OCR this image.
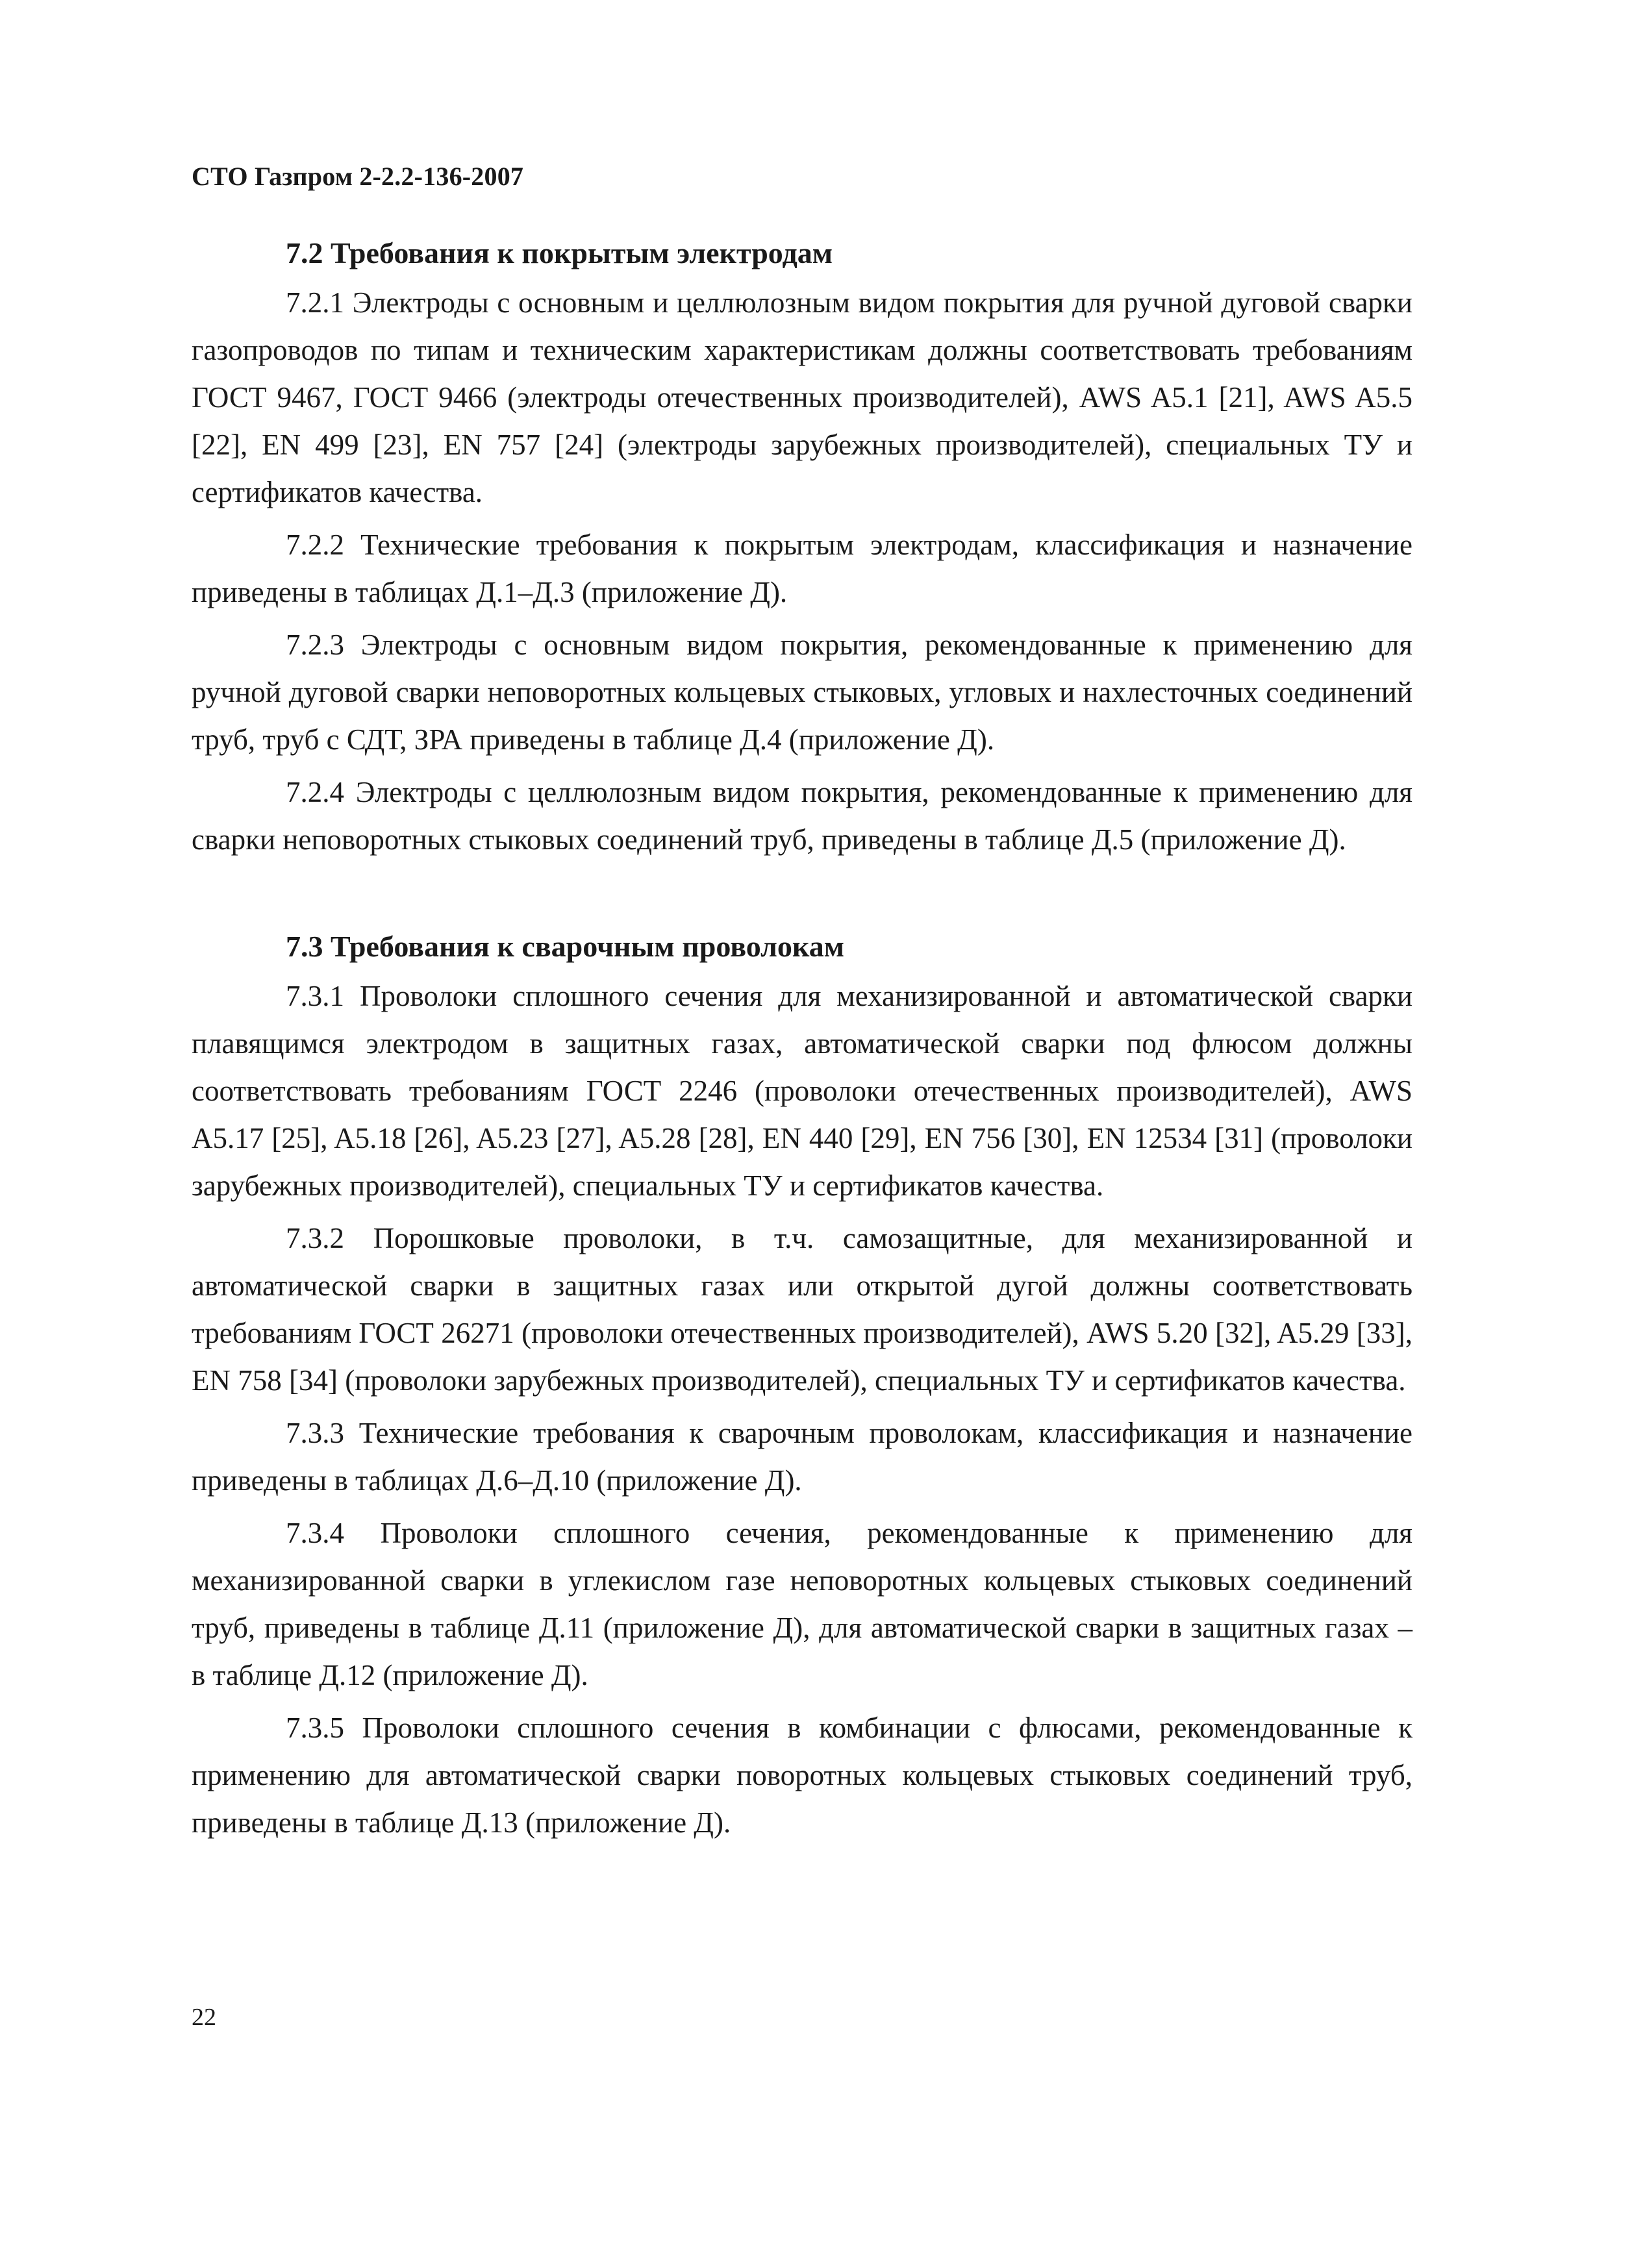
СТО Газпром 2-2.2-136-2007
7.2 Требования к покрытым электродам

7.2.1 Электроды с основным и целлюлозным видом покрытия для ручной дуговой сварки газопроводов по типам и техническим характеристикам должны соответствовать требованиям ГОСТ 9467, ГОСТ 9466 (электроды отечественных производителей), AWS A5.1 [21], AWS A5.5 [22], EN 499 [23], EN 757 [24] (электроды зарубежных производителей), специальных ТУ и сертификатов качества.

7.2.2 Технические требования к покрытым электродам, классификация и назначение приведены в таблицах Д.1–Д.3 (приложение Д).

7.2.3 Электроды с основным видом покрытия, рекомендованные к применению для ручной дуговой сварки неповоротных кольцевых стыковых, угловых и нахлесточных соединений труб, труб с СДТ, ЗРА приведены в таблице Д.4 (приложение Д).

7.2.4 Электроды с целлюлозным видом покрытия, рекомендованные к применению для сварки неповоротных стыковых соединений труб, приведены в таблице Д.5 (приложение Д).

7.3 Требования к сварочным проволокам

7.3.1 Проволоки сплошного сечения для механизированной и автоматической сварки плавящимся электродом в защитных газах, автоматической сварки под флюсом должны соответствовать требованиям ГОСТ 2246 (проволоки отечественных производителей), AWS A5.17 [25], A5.18 [26], A5.23 [27], A5.28 [28], EN 440 [29], EN 756 [30], EN 12534 [31] (проволоки зарубежных производителей), специальных ТУ и сертификатов качества.

7.3.2 Порошковые проволоки, в т.ч. самозащитные, для механизированной и автоматической сварки в защитных газах или открытой дугой должны соответствовать требованиям ГОСТ 26271 (проволоки отечественных производителей), AWS 5.20 [32], A5.29 [33], EN 758 [34] (проволоки зарубежных производителей), специальных ТУ и сертификатов качества.

7.3.3 Технические требования к сварочным проволокам, классификация и назначение приведены в таблицах Д.6–Д.10 (приложение Д).

7.3.4 Проволоки сплошного сечения, рекомендованные к применению для механизированной сварки в углекислом газе неповоротных кольцевых стыковых соединений труб, приведены в таблице Д.11 (приложение Д), для автоматической сварки в защитных газах – в таблице Д.12 (приложение Д).

7.3.5 Проволоки сплошного сечения в комбинации с флюсами, рекомендованные к применению для автоматической сварки поворотных кольцевых стыковых соединений труб, приведены в таблице Д.13 (приложение Д).

22
